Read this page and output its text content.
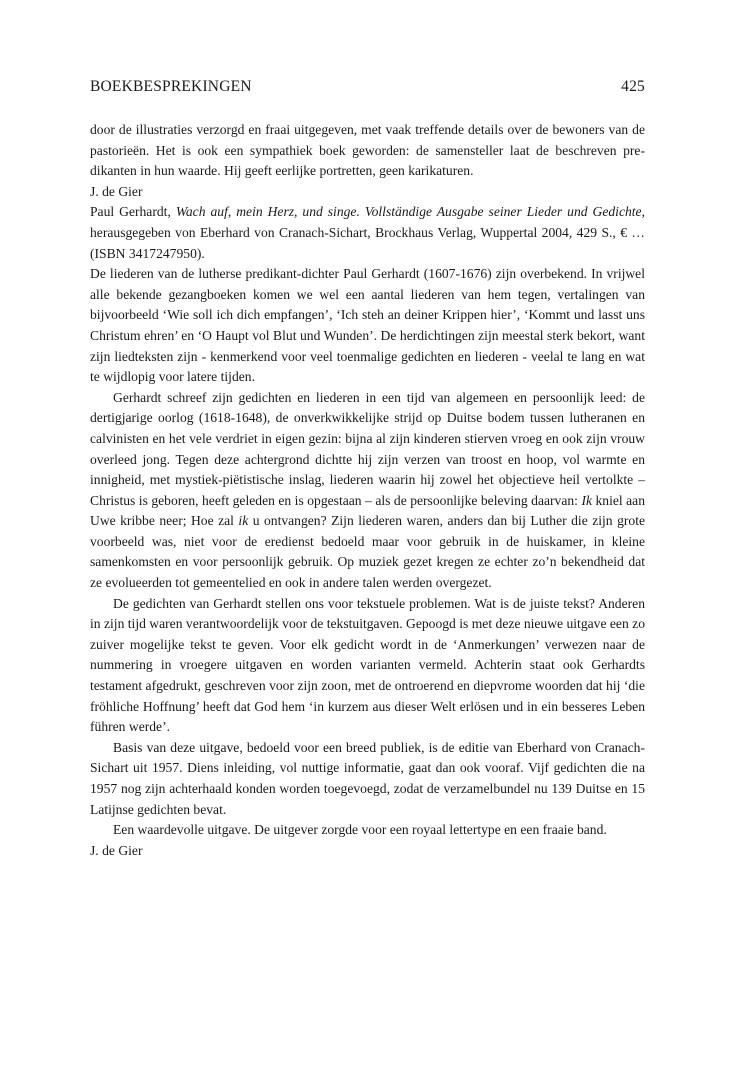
BOEKBESPREKINGEN	425

door de illustraties verzorgd en fraai uitgegeven, met vaak treffende details over de bewoners van de pastorieën. Het is ook een sympathiek boek geworden: de samensteller laat de beschreven predikanten in hun waarde. Hij geeft eerlijke portretten, geen karikaturen.

J. de Gier

Paul Gerhardt, Wach auf, mein Herz, und singe. Vollständige Ausgabe seiner Lieder und Gedichte, herausgegeben von Eberhard von Cranach-Sichart, Brockhaus Verlag, Wuppertal 2004, 429 S., € … (ISBN 3417247950).

De liederen van de lutherse predikant-dichter Paul Gerhardt (1607-1676) zijn overbekend. In vrijwel alle bekende gezangboeken komen we wel een aantal liederen van hem tegen, vertalingen van bijvoorbeeld ‘Wie soll ich dich empfangen’, ‘Ich steh an deiner Krippen hier’, ‘Kommt und lasst uns Christum ehren’ en ‘O Haupt vol Blut und Wunden’. De herdichtingen zijn meestal sterk bekort, want zijn liedteksten zijn - kenmerkend voor veel toenmalige gedichten en liederen - veelal te lang en wat te wijdlopig voor latere tijden.

Gerhardt schreef zijn gedichten en liederen in een tijd van algemeen en persoonlijk leed: de dertigjarige oorlog (1618-1648), de onverkwikkelijke strijd op Duitse bodem tussen lutheranen en calvinisten en het vele verdriet in eigen gezin: bijna al zijn kinderen stierven vroeg en ook zijn vrouw overleed jong. Tegen deze achtergrond dichtte hij zijn verzen van troost en hoop, vol warmte en innigheid, met mystiek-piëtistische inslag, liederen waarin hij zowel het objectieve heil vertolkte – Christus is geboren, heeft geleden en is opgestaan – als de persoonlijke beleving daarvan: Ik kniel aan Uwe kribbe neer; Hoe zal ik u ontvangen? Zijn liederen waren, anders dan bij Luther die zijn grote voorbeeld was, niet voor de eredienst bedoeld maar voor gebruik in de huiskamer, in kleine samenkomsten en voor persoonlijk gebruik. Op muziek gezet kregen ze echter zo’n bekendheid dat ze evolueerden tot gemeentelied en ook in andere talen werden overgezet.

De gedichten van Gerhardt stellen ons voor tekstuele problemen. Wat is de juiste tekst? Anderen in zijn tijd waren verantwoordelijk voor de tekstuitgaven. Gepoogd is met deze nieuwe uitgave een zo zuiver mogelijke tekst te geven. Voor elk gedicht wordt in de ‘Anmerkungen’ verwezen naar de nummering in vroegere uitgaven en worden varianten vermeld. Achterin staat ook Gerhardts testament afgedrukt, geschreven voor zijn zoon, met de ontroerend en diepvrome woorden dat hij ‘die fröhliche Hoffnung’ heeft dat God hem ‘in kurzem aus dieser Welt erlösen und in ein besseres Leben führen werde’.

Basis van deze uitgave, bedoeld voor een breed publiek, is de editie van Eberhard von Cranach-Sichart uit 1957. Diens inleiding, vol nuttige informatie, gaat dan ook vooraf. Vijf gedichten die na 1957 nog zijn achterhaald konden worden toegevoegd, zodat de verzamelbundel nu 139 Duitse en 15 Latijnse gedichten bevat.

Een waardevolle uitgave. De uitgever zorgde voor een royaal lettertype en een fraaie band.

J. de Gier
